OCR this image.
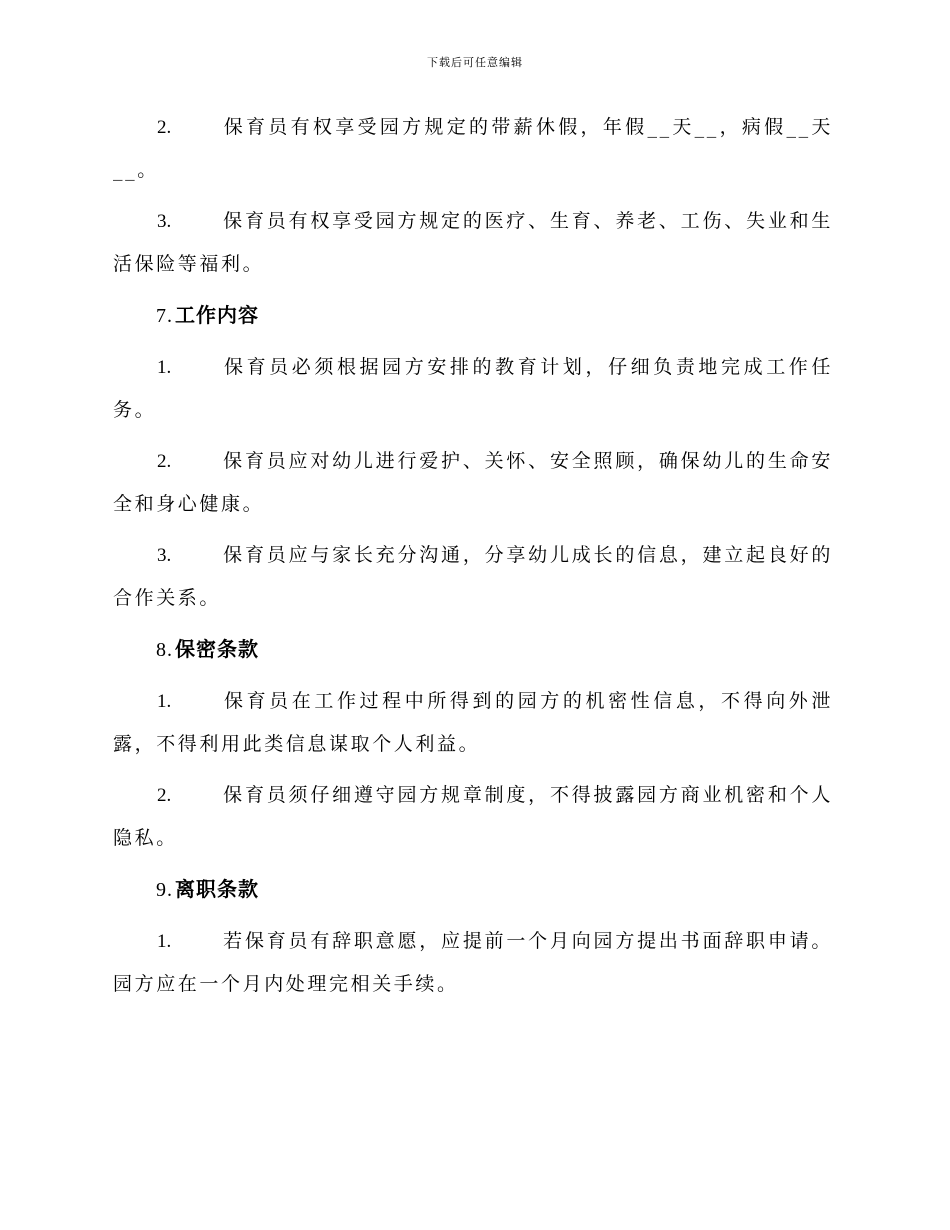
下载后可任意编辑
2.	保育员有权享受园方规定的带薪休假，年假__天__，病假__天__。
3.	保育员有权享受园方规定的医疗、生育、养老、工伤、失业和生活保险等福利。
7. 工作内容
1.	保育员必须根据园方安排的教育计划，仔细负责地完成工作任务。
2.	保育员应对幼儿进行爱护、关怀、安全照顾，确保幼儿的生命安全和身心健康。
3.	保育员应与家长充分沟通，分享幼儿成长的信息，建立起良好的合作关系。
8. 保密条款
1.	保育员在工作过程中所得到的园方的机密性信息，不得向外泄露，不得利用此类信息谋取个人利益。
2.	保育员须仔细遵守园方规章制度，不得披露园方商业机密和个人隐私。
9. 离职条款
1.	若保育员有辞职意愿，应提前一个月向园方提出书面辞职申请。园方应在一个月内处理完相关手续。
